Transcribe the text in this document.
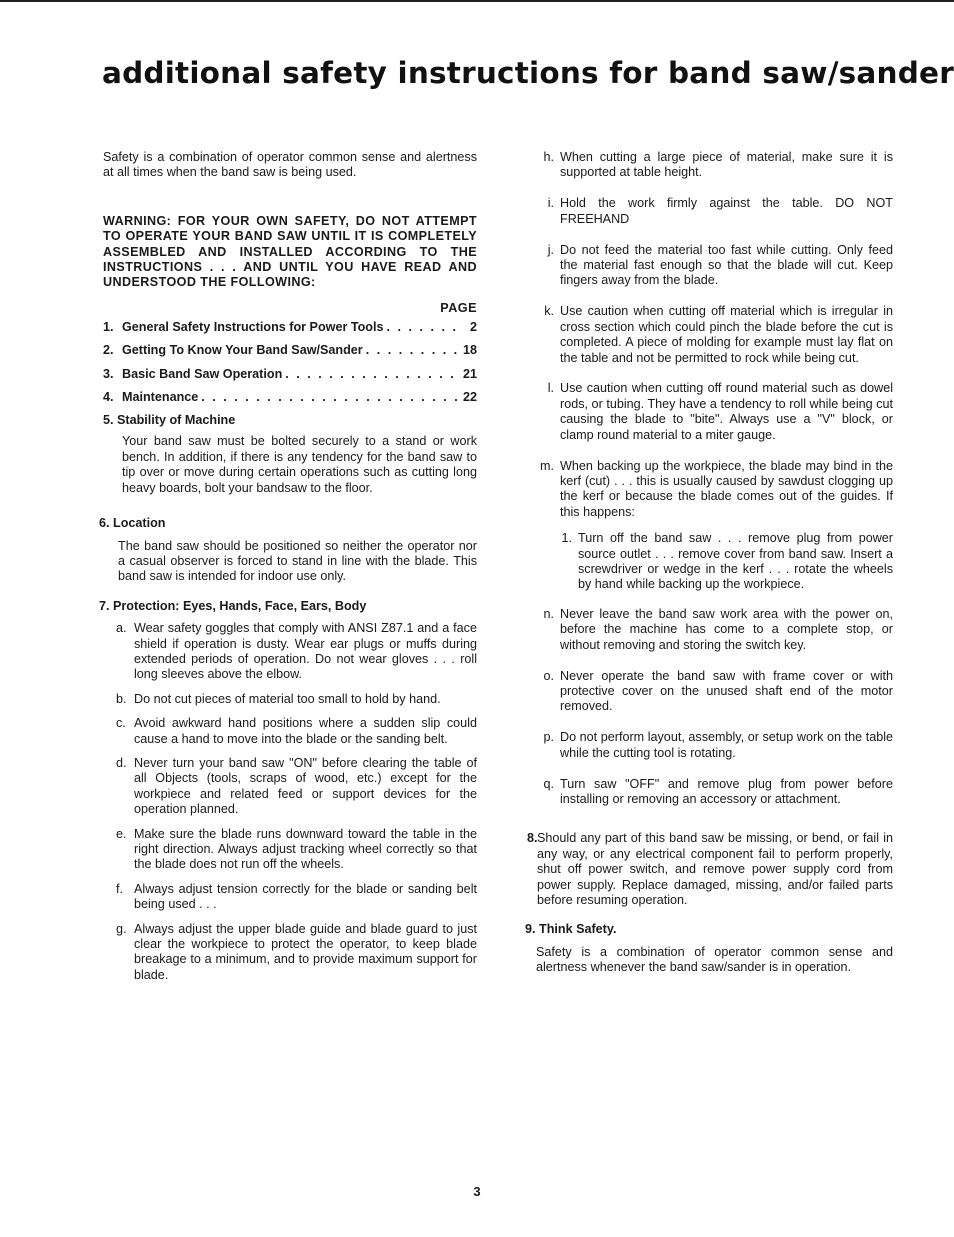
additional safety instructions for band saw/sander

Safety is a combination of operator common sense and alertness at all times when the band saw is being used.

WARNING: FOR YOUR OWN SAFETY, DO NOT ATTEMPT TO OPERATE YOUR BAND SAW UNTIL IT IS COMPLETELY ASSEMBLED AND INSTALLED ACCORDING TO THE INSTRUCTIONS . . . AND UNTIL YOU HAVE READ AND UNDERSTOOD THE FOLLOWING:

PAGE
1. General Safety Instructions for Power Tools . . .	2
2. Getting To Know Your Band Saw/Sander . . .	18
3. Basic Band Saw Operation . . .	21
4. Maintenance . . .	22
5. Stability of Machine

Your band saw must be bolted securely to a stand or work bench. In addition, if there is any tendency for the band saw to tip over or move during certain operations such as cutting long heavy boards, bolt your bandsaw to the floor.

6. Location

The band saw should be positioned so neither the operator nor a casual observer is forced to stand in line with the blade. This band saw is intended for indoor use only.

7. Protection: Eyes, Hands, Face, Ears, Body
a. Wear safety goggles that comply with ANSI Z87.1 and a face shield if operation is dusty. Wear ear plugs or muffs during extended periods of operation. Do not wear gloves . . . roll long sleeves above the elbow.
b. Do not cut pieces of material too small to hold by hand.
c. Avoid awkward hand positions where a sudden slip could cause a hand to move into the blade or the sanding belt.
d. Never turn your band saw "ON" before clearing the table of all Objects (tools, scraps of wood, etc.) except for the workpiece and related feed or support devices for the operation planned.
e. Make sure the blade runs downward toward the table in the right direction. Always adjust tracking wheel correctly so that the blade does not run off the wheels.
f. Always adjust tension correctly for the blade or sanding belt being used . . .
g. Always adjust the upper blade guide and blade guard to just clear the workpiece to protect the operator, to keep blade breakage to a minimum, and to provide maximum support for blade.
h. When cutting a large piece of material, make sure it is supported at table height.
i. Hold the work firmly against the table. DO NOT FREEHAND
j. Do not feed the material too fast while cutting. Only feed the material fast enough so that the blade will cut. Keep fingers away from the blade.
k. Use caution when cutting off material which is irregular in cross section which could pinch the blade before the cut is completed. A piece of molding for example must lay flat on the table and not be permitted to rock while being cut.
l. Use caution when cutting off round material such as dowel rods, or tubing. They have a tendency to roll while being cut causing the blade to "bite". Always use a "V" block, or clamp round material to a miter gauge.
m. When backing up the workpiece, the blade may bind in the kerf (cut) . . . this is usually caused by sawdust clogging up the kerf or because the blade comes out of the guides. If this happens:
1. Turn off the band saw . . . remove plug from power source outlet . . . remove cover from band saw. Insert a screwdriver or wedge in the kerf . . . rotate the wheels by hand while backing up the workpiece.
n. Never leave the band saw work area with the power on, before the machine has come to a complete stop, or without removing and storing the switch key.
o. Never operate the band saw with frame cover or with protective cover on the unused shaft end of the motor removed.
p. Do not perform layout, assembly, or setup work on the table while the cutting tool is rotating.
q. Turn saw "OFF" and remove plug from power before installing or removing an accessory or attachment.
8. Should any part of this band saw be missing, or bend, or fail in any way, or any electrical component fail to perform properly, shut off power switch, and remove power supply cord from power supply. Replace damaged, missing, and/or failed parts before resuming operation.
9. Think Safety.

Safety is a combination of operator common sense and alertness whenever the band saw/sander is in operation.

3
